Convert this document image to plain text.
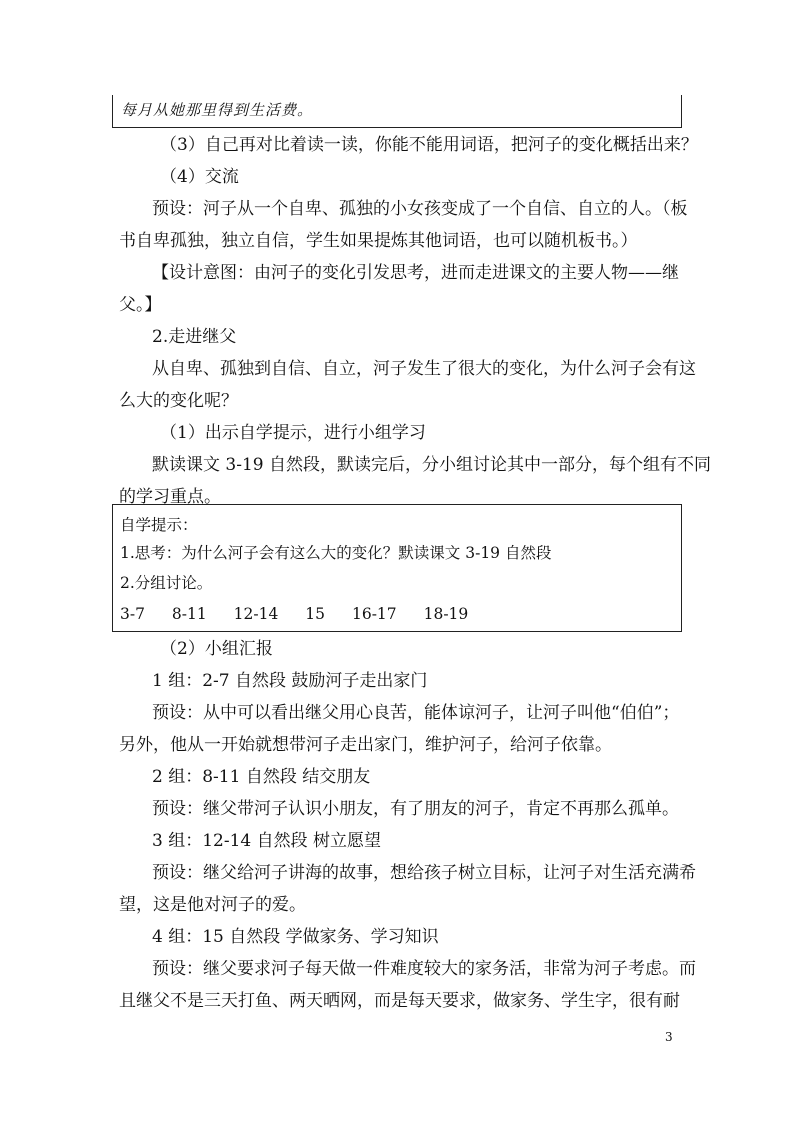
每月从她那里得到生活费。
（3）自己再对比着读一读，你能不能用词语，把河子的变化概括出来？
（4）交流
预设：河子从一个自卑、孤独的小女孩变成了一个自信、自立的人。（板
书自卑孤独，独立自信，学生如果提炼其他词语，也可以随机板书。）
【设计意图：由河子的变化引发思考，进而走进课文的主要人物——继
父。】
2.走进继父
从自卑、孤独到自信、自立，河子发生了很大的变化，为什么河子会有这
么大的变化呢？
（1）出示自学提示，进行小组学习
默读课文 3-19 自然段，默读完后，分小组讨论其中一部分，每个组有不同
的学习重点。
自学提示：
1.思考：为什么河子会有这么大的变化？默读课文 3-19 自然段
2.分组讨论。
3-7 8-11 12-14 15 16-17 18-19
（2）小组汇报
1 组：2-7 自然段 鼓励河子走出家门
预设：从中可以看出继父用心良苦，能体谅河子，让河子叫他“伯伯”；
另外，他从一开始就想带河子走出家门，维护河子，给河子依靠。
2 组：8-11 自然段 结交朋友
预设：继父带河子认识小朋友，有了朋友的河子，肯定不再那么孤单。
3 组：12-14 自然段 树立愿望
预设：继父给河子讲海的故事，想给孩子树立目标，让河子对生活充满希
望，这是他对河子的爱。
4 组：15 自然段 学做家务、学习知识
预设：继父要求河子每天做一件难度较大的家务活，非常为河子考虑。而
且继父不是三天打鱼、两天晒网，而是每天要求，做家务、学生字，很有耐
3
